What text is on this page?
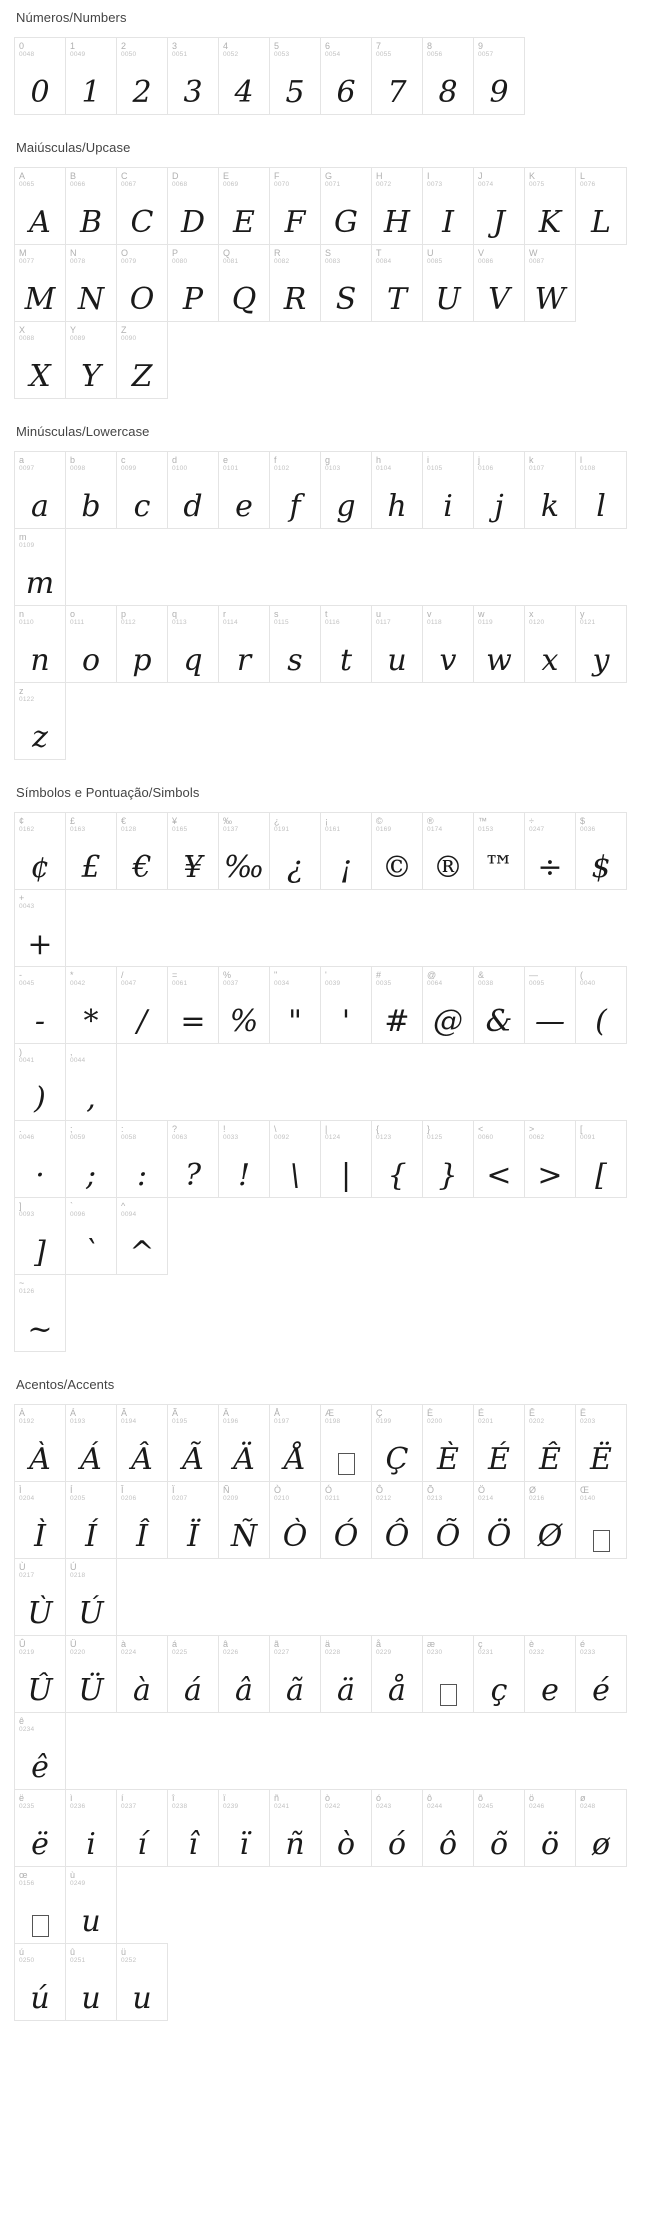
Números/Numbers
0
0048
0
1
0049
1
2
0050
2
3
0051
3
4
0052
4
5
0053
5
6
0054
6
7
0055
7
8
0056
8
9
0057
9
Maiúsculas/Upcase
A
0065
A
B
0066
B
C
0067
C
D
0068
D
E
0069
E
F
0070
F
G
0071
G
H
0072
H
I
0073
I
J
0074
J
K
0075
K
L
0076
L
M
0077
M
N
0078
N
O
0079
O
P
0080
P
Q
0081
Q
R
0082
R
S
0083
S
T
0084
T
U
0085
U
V
0086
V
W
0087
W
X
0088
X
Y
0089
Y
Z
0090
Z
Minúsculas/Lowercase
a
0097
a
b
0098
b
c
0099
c
d
0100
d
e
0101
e
f
0102
f
g
0103
g
h
0104
h
i
0105
i
j
0106
j
k
0107
k
l
0108
l
m
0109
m
n
0110
n
o
0111
o
p
0112
p
q
0113
q
r
0114
r
s
0115
s
t
0116
t
u
0117
u
v
0118
v
w
0119
w
x
0120
x
y
0121
y
z
0122
z
Símbolos e Pontuação/Simbols
¢
0162
¢
£
0163
£
€
0128
€
¥
0165
¥
‰
0137
‰
¿
0191
¿
¡
0161
¡
©
0169
©
®
0174
®
™
0153
™
÷
0247
÷
$
0036
$
+
0043
+
-
0045
-
*
0042
*
/
0047
/
=
0061
=
%
0037
%
"
0034
"
'
0039
'
#
0035
#
@
0064
@
&
0038
&
—
0095
—
(
0040
(
)
0041
)
,
0044
,
.
0046
·
;
0059
;
:
0058
:
?
0063
?
!
0033
!
\
0092
\
|
0124
|
{
0123
{
}
0125
}
<
0060
<
>
0062
>
[
0091
[
]
0093
]
`
0096
`
^
0094
^
~
0126
~
Acentos/Accents
À
0192
À
Á
0193
Á
Â
0194
Â
Ã
0195
Ã
Ä
0196
Ä
Å
0197
Å
Æ
0198
Ç
0199
Ç
È
0200
È
É
0201
É
Ê
0202
Ê
Ë
0203
Ë
Ì
0204
Ì
Í
0205
Í
Î
0206
Î
Ï
0207
Ï
Ñ
0209
Ñ
Ò
0210
Ò
Ó
0211
Ó
Ô
0212
Ô
Õ
0213
Õ
Ö
0214
Ö
Ø
0216
Ø
Œ
0140
Ù
0217
Ù
Ú
0218
Ú
Û
0219
Û
Ü
0220
Ü
à
0224
à
á
0225
á
â
0226
â
ã
0227
ã
ä
0228
ä
å
0229
å
æ
0230
ç
0231
ç
è
0232
e
é
0233
é
ê
0234
ê
ë
0235
ë
ì
0236
i
í
0237
í
î
0238
î
ï
0239
ï
ñ
0241
ñ
ò
0242
ò
ó
0243
ó
ô
0244
ô
õ
0245
õ
ö
0246
ö
ø
0248
ø
œ
0156
ù
0249
u
ú
0250
ú
û
0251
u
ü
0252
u
